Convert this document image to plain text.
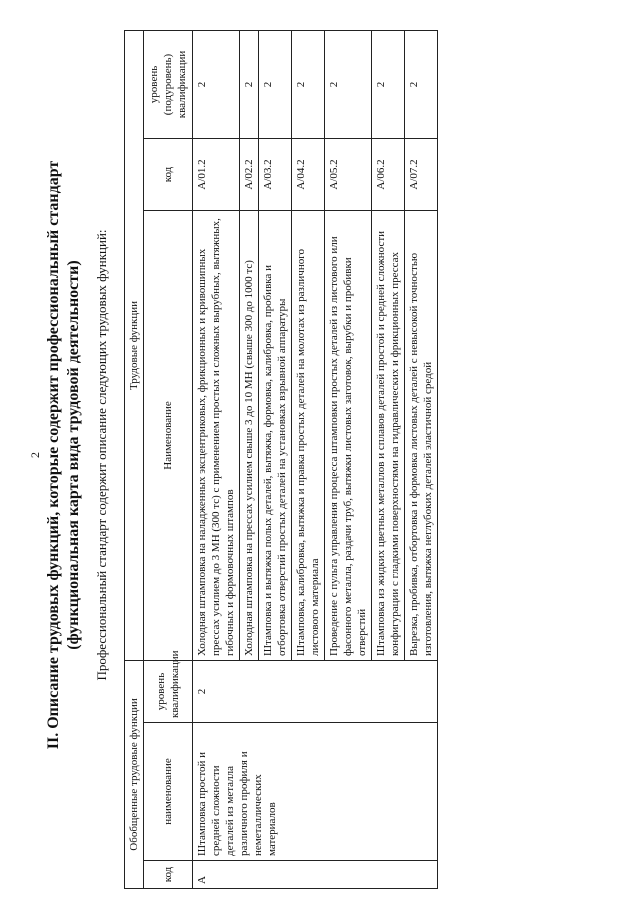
2 II. Описание трудовых функций, которые содержит профессиональный стандарт (функциональная карта вида трудовой деятельности) Профессиональный стандарт содержит описание следующих трудовых функций:
Обобщенные трудовые функции			Трудовые функции		
код	наименование	уровень квалификации	Наименование	код	уровень (подуровень) квалификации
А	Штамповка простой и средней сложности деталей из металла различного профиля и неметаллических материалов	2	Холодная штамповка на наладженных эксцентриковых, фрикционных и кривошипных прессах усилием до 3 МН (300 тс) с применением простых и сложных вырубных, вытяжных, гибочных и формовочных штампов	А/01.2	2
			Холодная штамповка на прессах усилием свыше 3 до 10 МН (свыше 300 до 1000 тс)	А/02.2	2
			Штамповка и вытяжка полых деталей, вытяжка, формовка, калибровка, пробивка и отбортовка отверстий простых деталей на установках взрывной аппаратуры	А/03.2	2
			Штамповка, калибровка, вытяжка и правка простых деталей на молотах из различного листового материала	А/04.2	2
			Проведение с пульта управления процесса штамповки простых деталей из листового или фасонного металла, раздачи труб, вытяжки листовых заготовок, вырубки и пробивки отверстий	А/05.2	2
			Штамповка из жидких цветных металлов и сплавов деталей простой и средней сложности конфигурации с гладкими поверхностями на гидравлических и фрикционных прессах	А/06.2	2
			Вырезка, пробивка, отбортовка и формовка листовых деталей с невысокой точностью изготовления, вытяжка неглубоких деталей эластичной средой	А/07.2	2
